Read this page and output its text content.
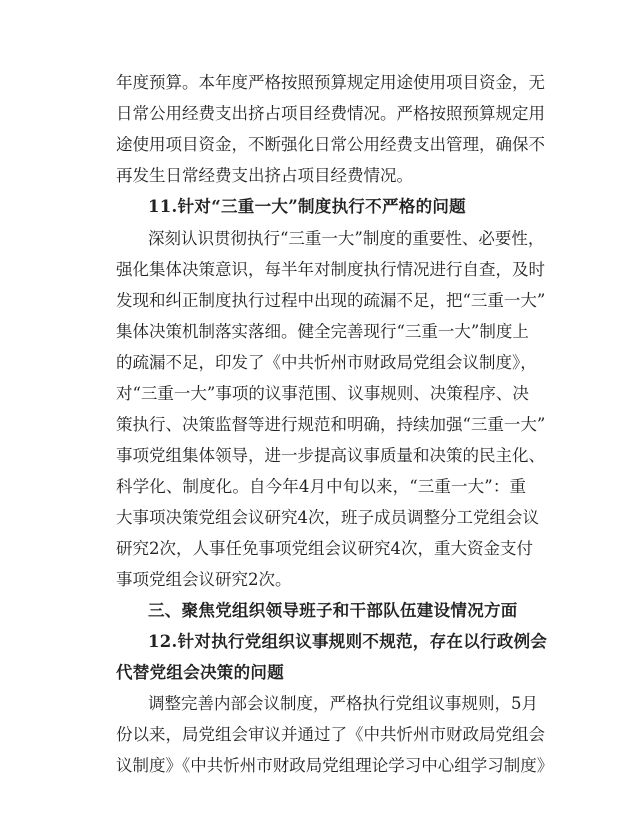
年度预算。本年度严格按照预算规定用途使用项目资金，无
日常公用经费支出挤占项目经费情况。严格按照预算规定用
途使用项目资金，不断强化日常公用经费支出管理，确保不
再发生日常经费支出挤占项目经费情况。
11.针对“三重一大”制度执行不严格的问题
深刻认识贯彻执行“三重一大”制度的重要性、必要性，
强化集体决策意识，每半年对制度执行情况进行自查，及时
发现和纠正制度执行过程中出现的疏漏不足，把“三重一大”
集体决策机制落实落细。健全完善现行“三重一大”制度上
的疏漏不足，印发了《中共忻州市财政局党组会议制度》，
对“三重一大”事项的议事范围、议事规则、决策程序、决
策执行、决策监督等进行规范和明确，持续加强“三重一大”
事项党组集体领导，进一步提高议事质量和决策的民主化、
科学化、制度化。自今年4月中旬以来，“三重一大”：重
大事项决策党组会议研究4次，班子成员调整分工党组会议
研究2次，人事任免事项党组会议研究4次，重大资金支付
事项党组会议研究2次。
三、聚焦党组织领导班子和干部队伍建设情况方面
12.针对执行党组织议事规则不规范，存在以行政例会
代替党组会决策的问题
调整完善内部会议制度，严格执行党组议事规则，5月
份以来，局党组会审议并通过了《中共忻州市财政局党组会
议制度》《中共忻州市财政局党组理论学习中心组学习制度》
